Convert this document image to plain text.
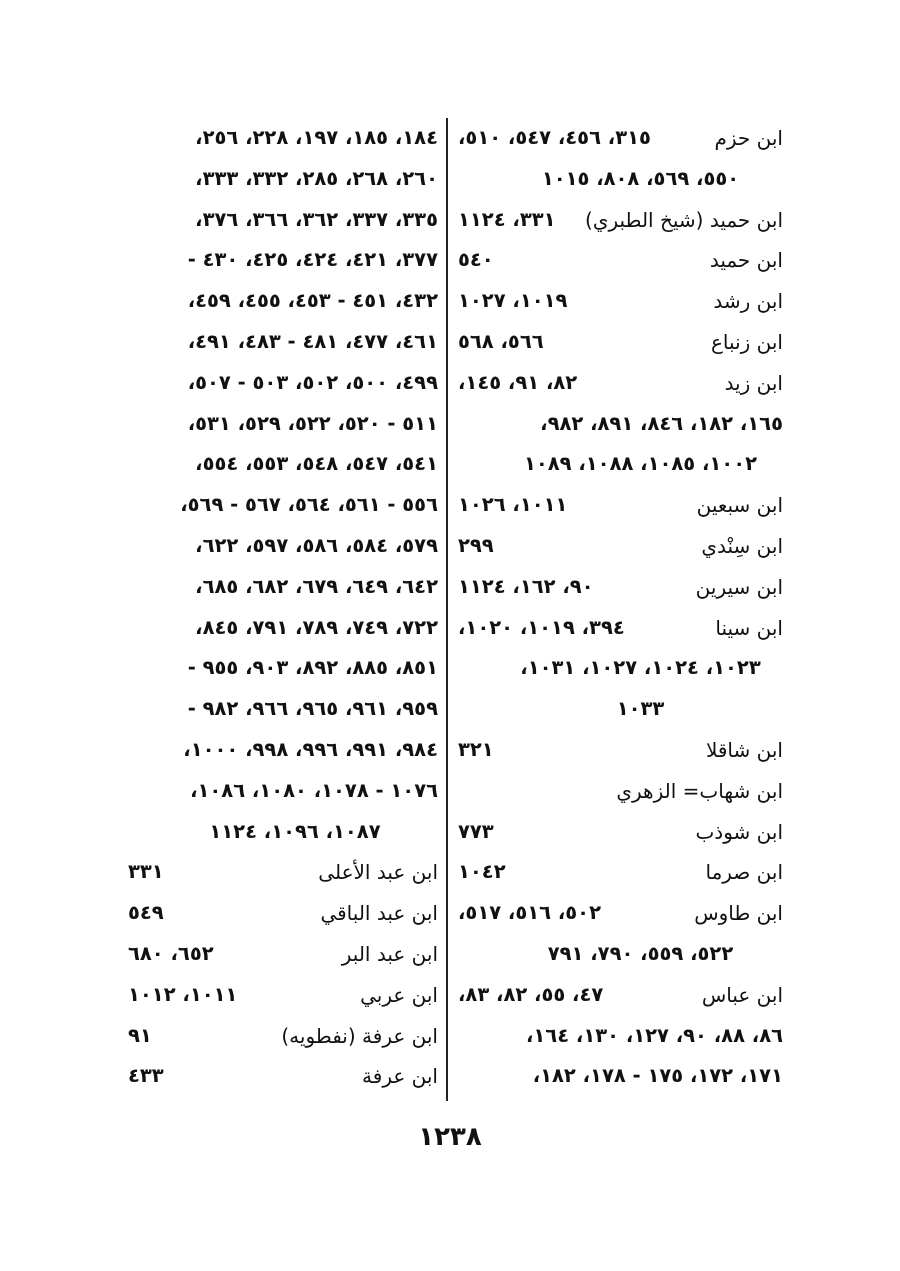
ابن حزم
٣١٥، ٤٥٦، ٥٤٧، ٥١٠،
٥٥٠، ٥٦٩، ٨٠٨، ١٠١٥
ابن حميد (شيخ الطبري)
٣٣١، ١١٢٤
ابن حميد
٥٤٠
ابن رشد
١٠١٩، ١٠٢٧
ابن زنباع
٥٦٦، ٥٦٨
ابن زيد
٨٢، ٩١، ١٤٥،
١٦٥، ١٨٢، ٨٤٦، ٨٩١، ٩٨٢،
١٠٠٢، ١٠٨٥، ١٠٨٨، ١٠٨٩
ابن سبعين
١٠١١، ١٠٢٦
ابن سِنْدي
٢٩٩
ابن سيرين
٩٠، ١٦٢، ١١٢٤
ابن سينا
٣٩٤، ١٠١٩، ١٠٢٠،
١٠٢٣، ١٠٢٤، ١٠٢٧، ١٠٣١،
١٠٣٣
ابن شاقلا
٣٢١
ابن شهاب= الزهري
ابن شوذب
٧٧٣
ابن صرما
١٠٤٢
ابن طاوس
٥٠٢، ٥١٦، ٥١٧،
٥٢٢، ٥٥٩، ٧٩٠، ٧٩١
ابن عباس
٤٧، ٥٥، ٨٢، ٨٣،
٨٦، ٨٨، ٩٠، ١٢٧، ١٣٠، ١٦٤،
١٧١، ١٧٢، ١٧٥ - ١٧٨، ١٨٢،
١٨٤، ١٨٥، ١٩٧، ٢٢٨، ٢٥٦،
٢٦٠، ٢٦٨، ٢٨٥، ٣٣٢، ٣٣٣،
٣٣٥، ٣٣٧، ٣٦٢، ٣٦٦، ٣٧٦،
٣٧٧، ٤٢١، ٤٢٤، ٤٢٥، ٤٣٠ -
٤٣٢، ٤٥١ - ٤٥٣، ٤٥٥، ٤٥٩،
٤٦١، ٤٧٧، ٤٨١ - ٤٨٣، ٤٩١،
٤٩٩، ٥٠٠، ٥٠٢، ٥٠٣ - ٥٠٧،
٥١١ - ٥٢٠، ٥٢٢، ٥٢٩، ٥٣١،
٥٤١، ٥٤٧، ٥٤٨، ٥٥٣، ٥٥٤،
٥٥٦ - ٥٦١، ٥٦٤، ٥٦٧ - ٥٦٩،
٥٧٩، ٥٨٤، ٥٨٦، ٥٩٧، ٦٢٢،
٦٤٢، ٦٤٩، ٦٧٩، ٦٨٢، ٦٨٥،
٧٢٢، ٧٤٩، ٧٨٩، ٧٩١، ٨٤٥،
٨٥١، ٨٨٥، ٨٩٢، ٩٠٣، ٩٥٥ -
٩٥٩، ٩٦١، ٩٦٥، ٩٦٦، ٩٨٢ -
٩٨٤، ٩٩١، ٩٩٦، ٩٩٨، ١٠٠٠،
١٠٧٦ - ١٠٧٨، ١٠٨٠، ١٠٨٦،
١٠٨٧، ١٠٩٦، ١١٢٤
ابن عبد الأعلى
٣٣١
ابن عبد الباقي
٥٤٩
ابن عبد البر
٦٥٢، ٦٨٠
ابن عربي
١٠١١، ١٠١٢
ابن عرفة (نفطويه)
٩١
ابن عرفة
٤٣٣
١٢٣٨
